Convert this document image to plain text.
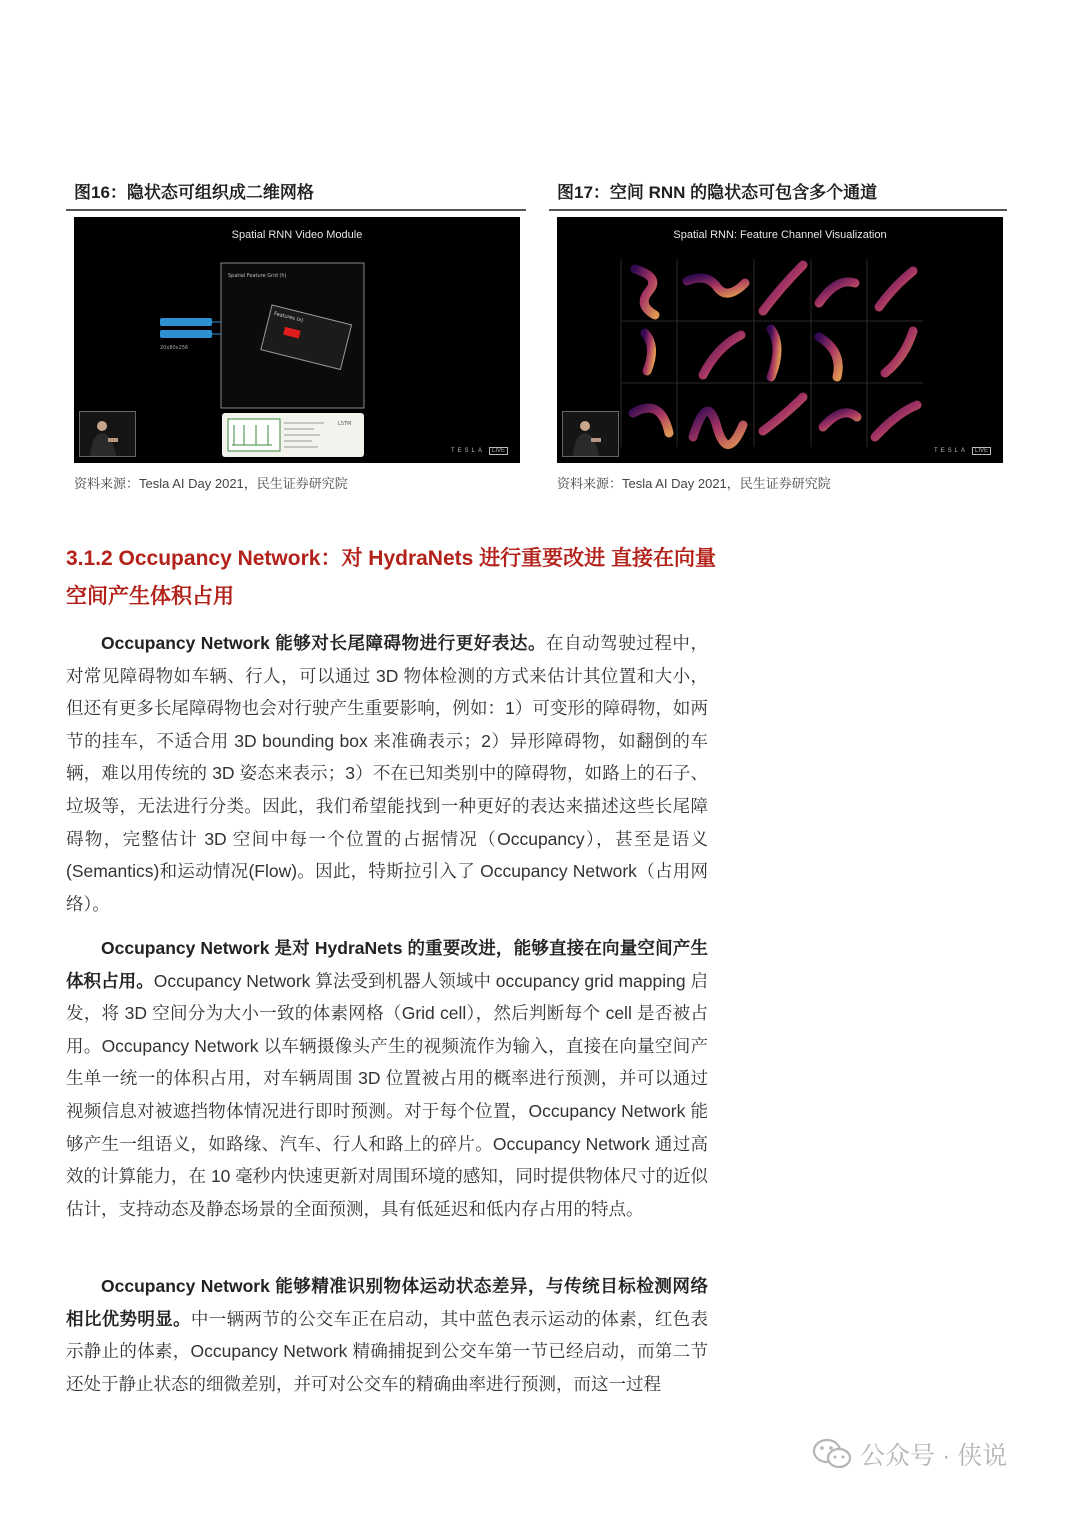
图16：隐状态可组织成二维网格
Spatial RNN Video Module
Spatial Feature Grid (h)
20x80x256
Features (x)
LSTM
TESLA LIVE
资料来源：Tesla AI Day 2021，民生证券研究院
图17：空间 RNN 的隐状态可包含多个通道
Spatial RNN: Feature Channel Visualization
TESLA LIVE
资料来源：Tesla AI Day 2021，民生证券研究院
3.1.2 Occupancy Network：对 HydraNets 进行重要改进 直接在向量空间产生体积占用

Occupancy Network 能够对长尾障碍物进行更好表达。在自动驾驶过程中，对常见障碍物如车辆、行人，可以通过 3D 物体检测的方式来估计其位置和大小，但还有更多长尾障碍物也会对行驶产生重要影响，例如：1）可变形的障碍物，如两节的挂车，不适合用 3D bounding box 来准确表示；2）异形障碍物，如翻倒的车辆，难以用传统的 3D 姿态来表示；3）不在已知类别中的障碍物，如路上的石子、垃圾等，无法进行分类。因此，我们希望能找到一种更好的表达来描述这些长尾障碍物，完整估计 3D 空间中每一个位置的占据情况（Occupancy），甚至是语义(Semantics)和运动情况(Flow)。因此，特斯拉引入了 Occupancy Network（占用网络）。

Occupancy Network 是对 HydraNets 的重要改进，能够直接在向量空间产生体积占用。Occupancy Network 算法受到机器人领域中 occupancy grid mapping 启发，将 3D 空间分为大小一致的体素网格（Grid cell），然后判断每个 cell 是否被占用。Occupancy Network 以车辆摄像头产生的视频流作为输入，直接在向量空间产生单一统一的体积占用，对车辆周围 3D 位置被占用的概率进行预测，并可以通过视频信息对被遮挡物体情况进行即时预测。对于每个位置，Occupancy Network 能够产生一组语义，如路缘、汽车、行人和路上的碎片。Occupancy Network 通过高效的计算能力，在 10 毫秒内快速更新对周围环境的感知，同时提供物体尺寸的近似估计，支持动态及静态场景的全面预测，具有低延迟和低内存占用的特点。

Occupancy Network 能够精准识别物体运动状态差异，与传统目标检测网络相比优势明显。中一辆两节的公交车正在启动，其中蓝色表示运动的体素，红色表示静止的体素，Occupancy Network 精确捕捉到公交车第一节已经启动，而第二节还处于静止状态的细微差别，并可对公交车的精确曲率进行预测，而这一过程

公众号 · 侠说
